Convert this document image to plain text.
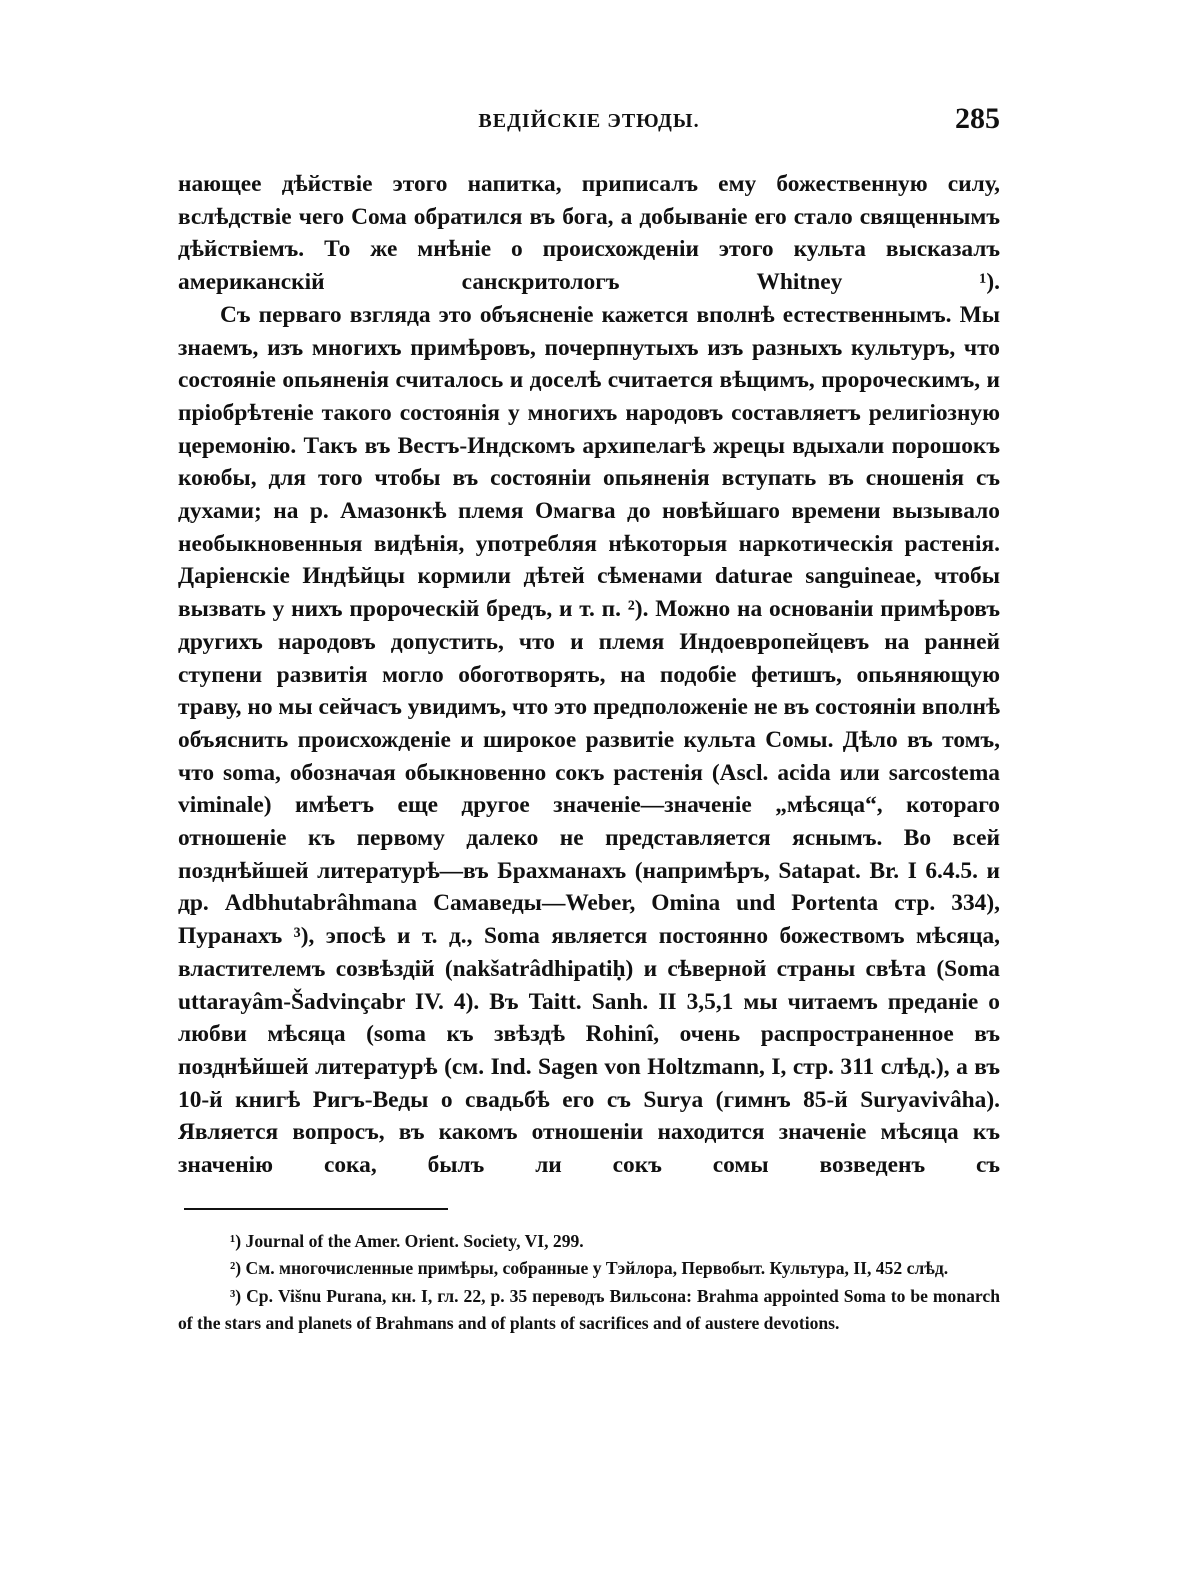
ВЕДІЙСКІЕ ЭТЮДЫ.	285

нающее дѣйствіе этого напитка, приписалъ ему божественную силу, вслѣдствіе чего Сома обратился въ бога, а добываніе его стало священнымъ дѣйствіемъ. То же мнѣніе о происхожденіи этого культа высказалъ американскій санскритологъ Whitney ¹).

Съ перваго взгляда это объясненіе кажется вполнѣ естественнымъ. Мы знаемъ, изъ многихъ примѣровъ, почерпнутыхъ изъ разныхъ культуръ, что состояніе опьяненія считалось и доселѣ считается вѣщимъ, пророческимъ, и пріобрѣтеніе такого состоянія у многихъ народовъ составляетъ религіозную церемонію. Такъ въ Вестъ-Индскомъ архипелагѣ жрецы вдыхали порошокъ коюбы, для того чтобы въ состояніи опьяненія вступать въ сношенія съ духами; на р. Амазонкѣ племя Омагва до новѣйшаго времени вызывало необыкновенныя видѣнія, употребляя нѣкоторыя наркотическія растенія. Даріенскіе Индѣйцы кормили дѣтей сѣменами daturae sanguineae, чтобы вызвать у нихъ пророческій бредъ, и т. п. ²). Можно на основаніи примѣровъ другихъ народовъ допустить, что и племя Индоевропейцевъ на ранней ступени развитія могло обоготворять, на подобіе фетишъ, опьяняющую траву, но мы сейчасъ увидимъ, что это предположеніе не въ состояніи вполнѣ объяснить происхожденіе и широкое развитіе культа Сомы. Дѣло въ томъ, что soma, обозначая обыкновенно сокъ растенія (Ascl. acida или sarcostema viminale) имѣетъ еще другое значеніе—значеніе „мѣсяца“, котораго отношеніе къ первому далеко не представляется яснымъ. Во всей позднѣйшей литературѣ—въ Брахманахъ (напримѣръ, Satapat. Br. I 6.4.5. и др. Adbhutabrâhmana Самаведы—Weber, Omina und Portenta стр. 334), Пуранахъ ³), эпосѣ и т. д., Soma является постоянно божествомъ мѣсяца, властителемъ созвѣздій (nakšatrâdhipatiḥ) и сѣверной страны свѣта (Soma uttarayâm-Šadvinçabr IV. 4). Въ Taitt. Sanh. II 3,5,1 мы читаемъ преданіе о любви мѣсяца (soma къ звѣздѣ Rohinî, очень распространенное въ позднѣйшей литературѣ (см. Ind. Sagen von Holtzmann, I, стр. 311 слѣд.), а въ 10-й книгѣ Ригъ-Веды о свадьбѣ его съ Surya (гимнъ 85-й Suryavivâha). Является вопросъ, въ какомъ отношеніи находится значеніе мѣсяца къ значенію сока, былъ ли сокъ сомы возведенъ съ

¹) Journal of the Amer. Orient. Society, VI, 299.

²) См. многочисленные примѣры, собранные у Тэйлора, Первобыт. Культура, II, 452 слѣд.

³) Ср. Višnu Purana, кн. I, гл. 22, р. 35 переводъ Вильсона: Brahma appointed Soma to be monarch of the stars and planets of Brahmans and of plants of sacrifices and of austere devotions.
